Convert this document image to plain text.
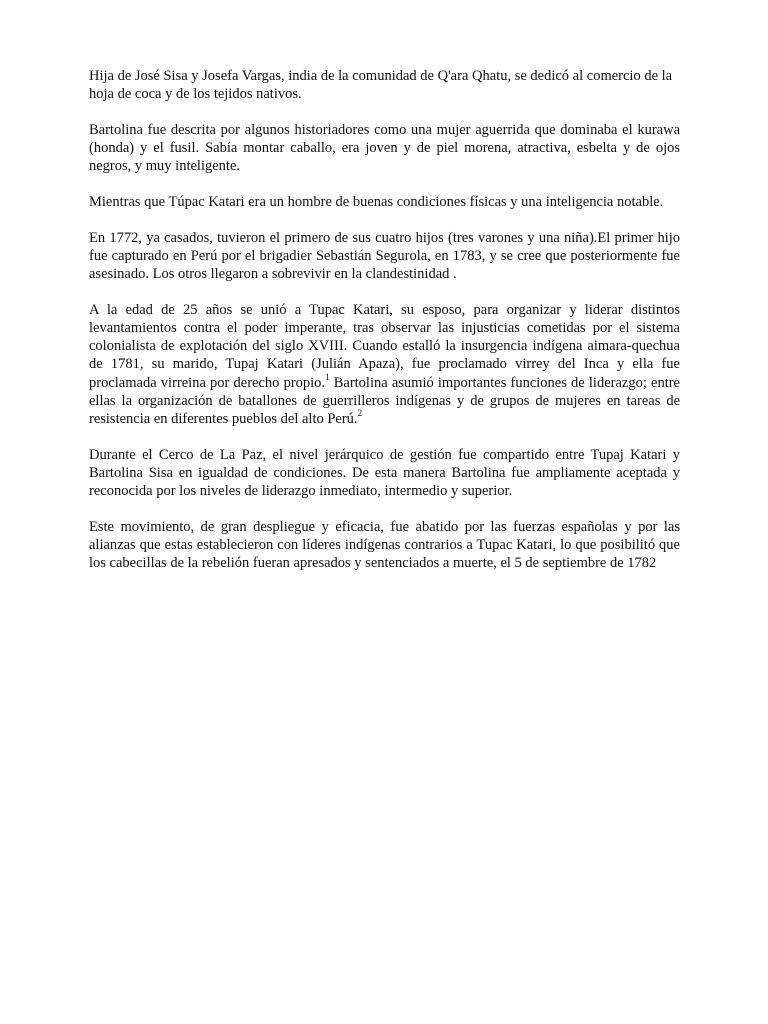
Hija de José Sisa y Josefa Vargas, india de la comunidad de Q'ara Qhatu, se dedicó al comercio de la hoja de coca y de los tejidos nativos.

Bartolina fue descrita por algunos historiadores como una mujer aguerrida que dominaba el kurawa (honda) y el fusil. Sabía montar caballo, era joven y de piel morena, atractiva, esbelta y de ojos negros, y muy inteligente.

Mientras que Túpac Katari era un hombre de buenas condiciones físicas y una inteligencia notable.

En 1772, ya casados, tuvieron el primero de sus cuatro hijos (tres varones y una niña).El primer hijo fue capturado en Perú por el brigadier Sebastián Segurola, en 1783, y se cree que posteriormente fue asesinado. Los otros llegaron a sobrevivir en la clandestinidad .

A la edad de 25 años se unió a Tupac Katari, su esposo, para organizar y liderar distintos levantamientos contra el poder imperante, tras observar las injusticias cometidas por el sistema colonialista de explotación del siglo XVIII. Cuando estalló la insurgencia indígena aimara-quechua de 1781, su marido, Tupaj Katari (Julián Apaza), fue proclamado virrey del Inca y ella fue proclamada virreina por derecho propio.$^1$ Bartolina asumió importantes funciones de liderazgo; entre ellas la organización de batallones de guerrilleros indígenas y de grupos de mujeres en tareas de resistencia en diferentes pueblos del alto Perú.$^2$

Durante el Cerco de La Paz, el nivel jerárquico de gestión fue compartido entre Tupaj Katari y Bartolina Sisa en igualdad de condiciones. De esta manera Bartolina fue ampliamente aceptada y reconocida por los niveles de liderazgo inmediato, intermedio y superior.

Este movimiento, de gran despliegue y eficacia, fue abatido por las fuerzas españolas y por las alianzas que estas establecieron con líderes indígenas contrarios a Tupac Katari, lo que posibilitó que los cabecillas de la rebelión fueran apresados y sentenciados a muerte, el 5 de septiembre de 1782
